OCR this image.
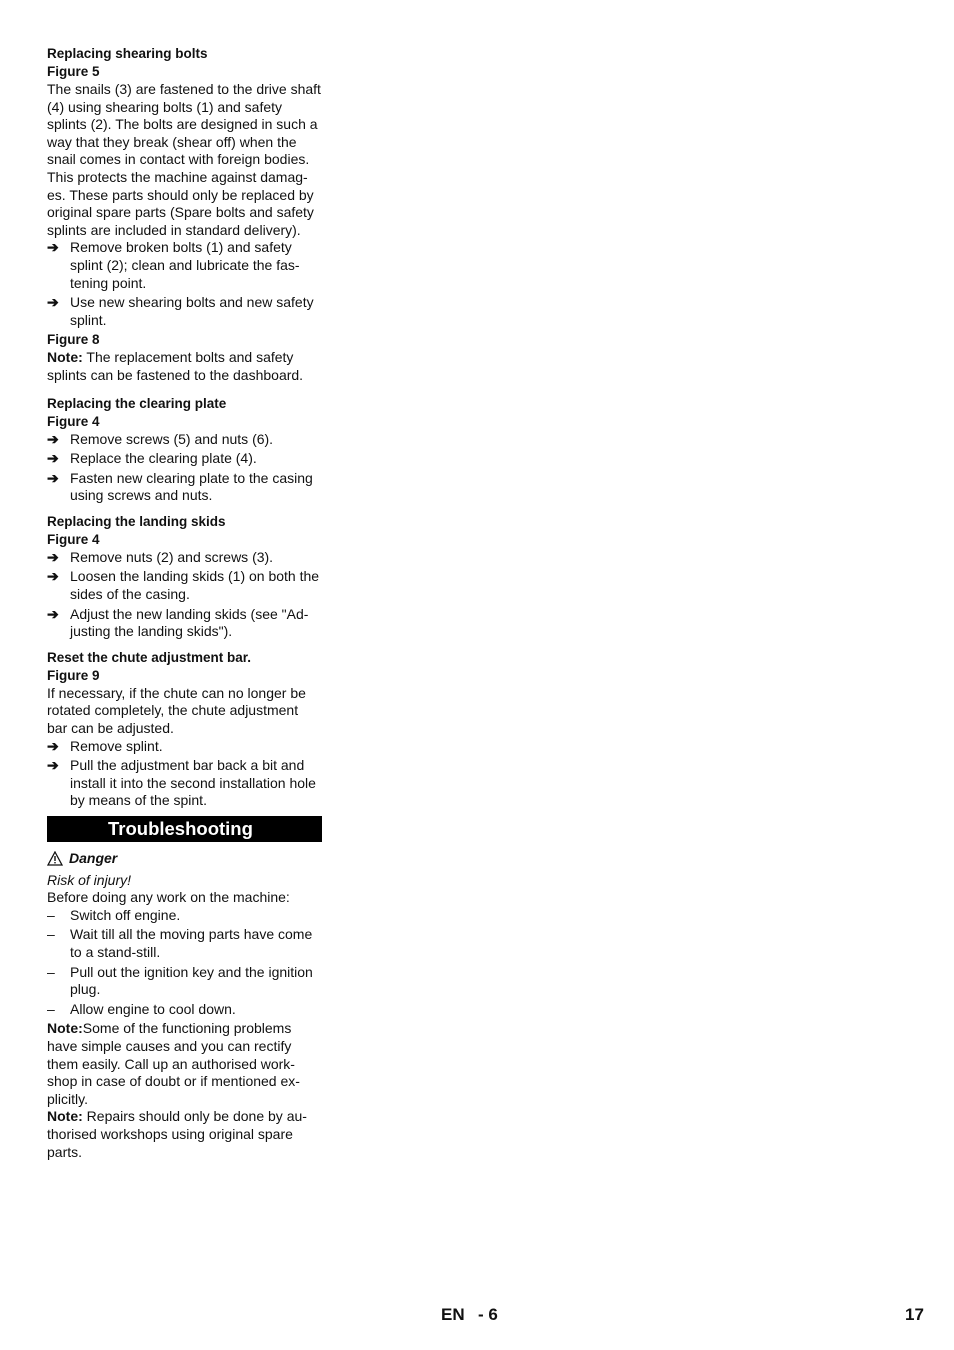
Replacing shearing bolts
Figure 5

The snails (3) are fastened to the drive shaft (4) using shearing bolts (1) and safety splints (2). The bolts are designed in such a way that they break (shear off) when the snail comes in contact with foreign bodies. This protects the machine against damag-es. These parts should only be replaced by original spare parts (Spare bolts and safety splints are included in standard delivery).

➔ Remove broken bolts (1) and safety splint (2); clean and lubricate the fas-tening point.
➔ Use new shearing bolts and new safety splint.
Figure 8

Note: The replacement bolts and safety splints can be fastened to the dashboard.

Replacing the clearing plate
Figure 4
➔ Remove screws (5) and nuts (6).
➔ Replace the clearing plate (4).
➔ Fasten new clearing plate to the casing using screws and nuts.
Replacing the landing skids
Figure 4
➔ Remove nuts (2) and screws (3).
➔ Loosen the landing skids (1) on both the sides of the casing.
➔ Adjust the new landing skids (see "Ad-justing the landing skids").
Reset the chute adjustment bar.
Figure 9

If necessary, if the chute can no longer be rotated completely, the chute adjustment bar can be adjusted.

➔ Remove splint.
➔ Pull the adjustment bar back a bit and install it into the second installation hole by means of the spint.
Troubleshooting
Danger

Risk of injury!

Before doing any work on the machine:

–	Switch off engine.
–	Wait till all the moving parts have come to a stand-still.
–	Pull out the ignition key and the ignition plug.
–	Allow engine to cool down.

Note:Some of the functioning problems have simple causes and you can rectify them easily. Call up an authorised work-shop in case of doubt or if mentioned ex-plicitly.

Note: Repairs should only be done by au-thorised workshops using original spare parts.

EN - 6	17
